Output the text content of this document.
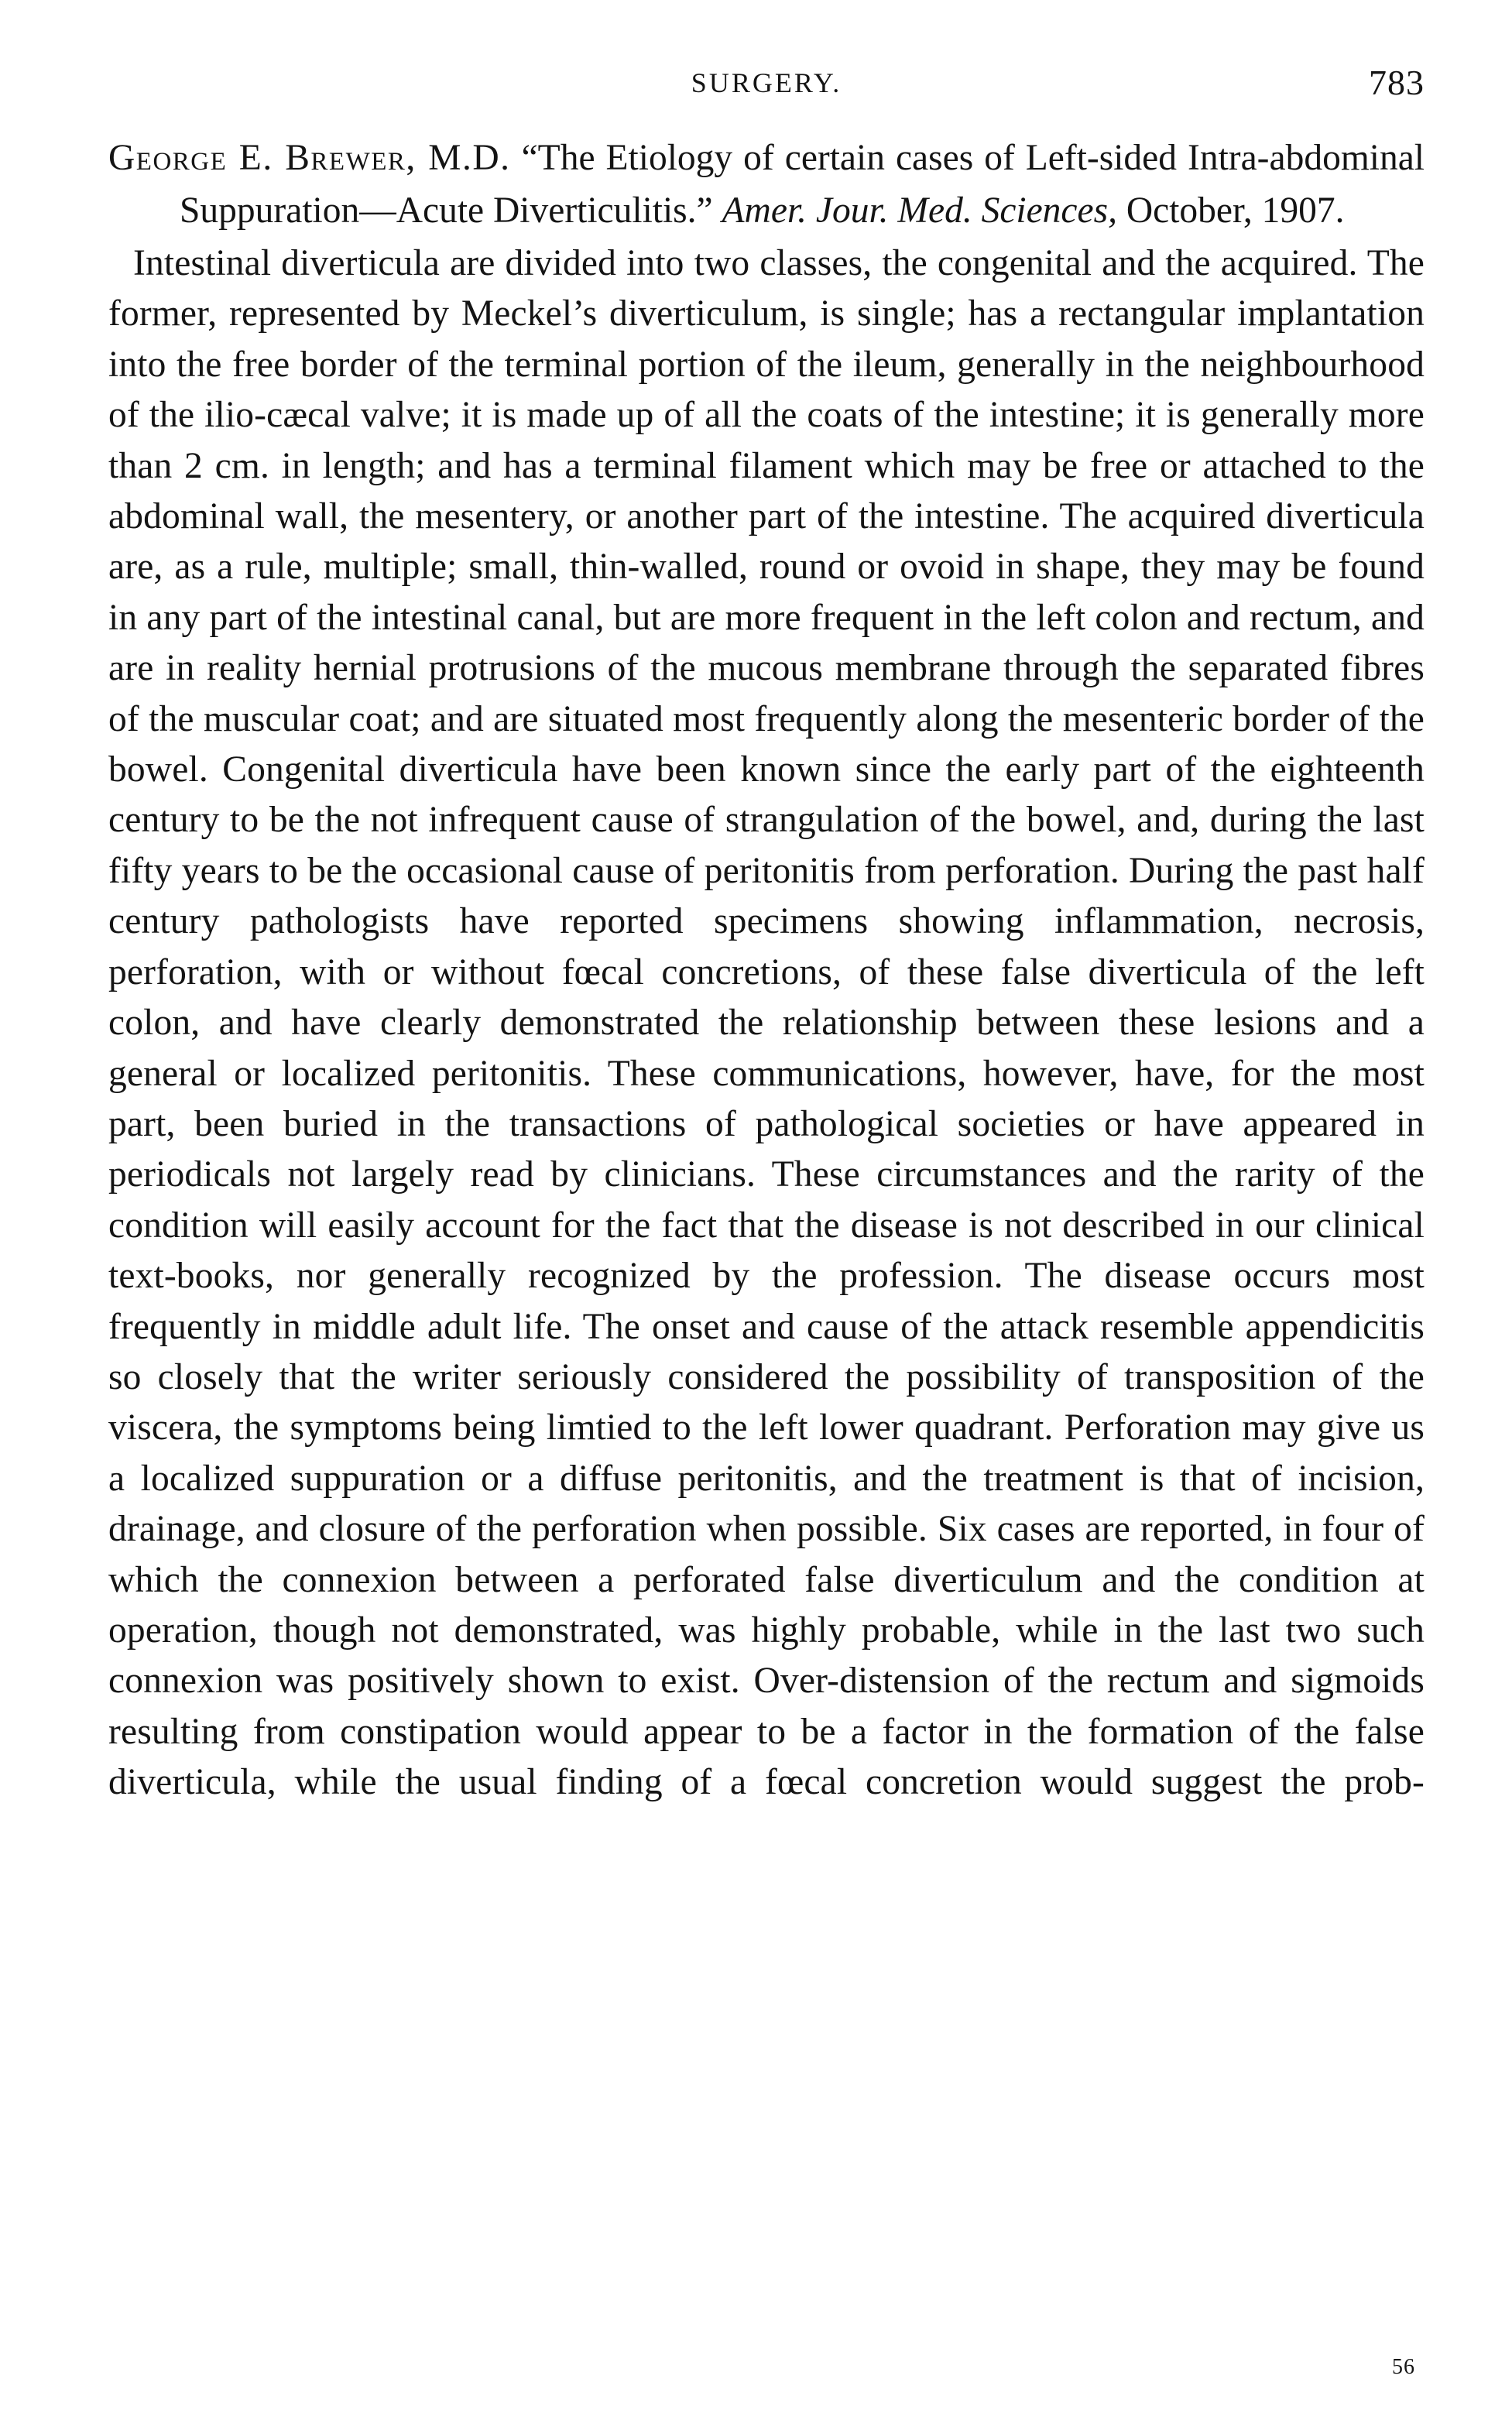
SURGERY.	783

George E. Brewer, M.D. “The Etiology of certain cases of Left-sided Intra-abdominal Suppuration—Acute Diverticulitis.” Amer. Jour. Med. Sciences, October, 1907.

Intestinal diverticula are divided into two classes, the congenital and the acquired. The former, represented by Meckel’s diverticulum, is single; has a rectangular implantation into the free border of the terminal portion of the ileum, generally in the neighbourhood of the ilio-cæcal valve; it is made up of all the coats of the intestine; it is generally more than 2 cm. in length; and has a terminal filament which may be free or attached to the abdominal wall, the mesentery, or another part of the intestine. The acquired diverticula are, as a rule, multiple; small, thin-walled, round or ovoid in shape, they may be found in any part of the intestinal canal, but are more frequent in the left colon and rectum, and are in reality hernial protrusions of the mucous membrane through the separated fibres of the muscular coat; and are situated most frequently along the mesenteric border of the bowel. Congenital diverticula have been known since the early part of the eighteenth century to be the not infrequent cause of strangulation of the bowel, and, during the last fifty years to be the occasional cause of peritonitis from perforation. During the past half century pathologists have reported specimens showing inflammation, necrosis, perforation, with or without fœcal concretions, of these false diverticula of the left colon, and have clearly demonstrated the relationship between these lesions and a general or localized peritonitis. These communications, however, have, for the most part, been buried in the transactions of pathological societies or have appeared in periodicals not largely read by clinicians. These circumstances and the rarity of the condition will easily account for the fact that the disease is not described in our clinical text-books, nor generally recognized by the profession. The disease occurs most frequently in middle adult life. The onset and cause of the attack resemble appendicitis so closely that the writer seriously considered the possibility of transposition of the viscera, the symptoms being limtied to the left lower quadrant. Perforation may give us a localized suppuration or a diffuse peritonitis, and the treatment is that of incision, drainage, and closure of the perforation when possible. Six cases are reported, in four of which the connexion between a perforated false diverticulum and the condition at operation, though not demonstrated, was highly probable, while in the last two such connexion was positively shown to exist. Over-distension of the rectum and sigmoids resulting from constipation would appear to be a factor in the formation of the false diverticula, while the usual finding of a fœcal concretion would suggest the prob-

56
